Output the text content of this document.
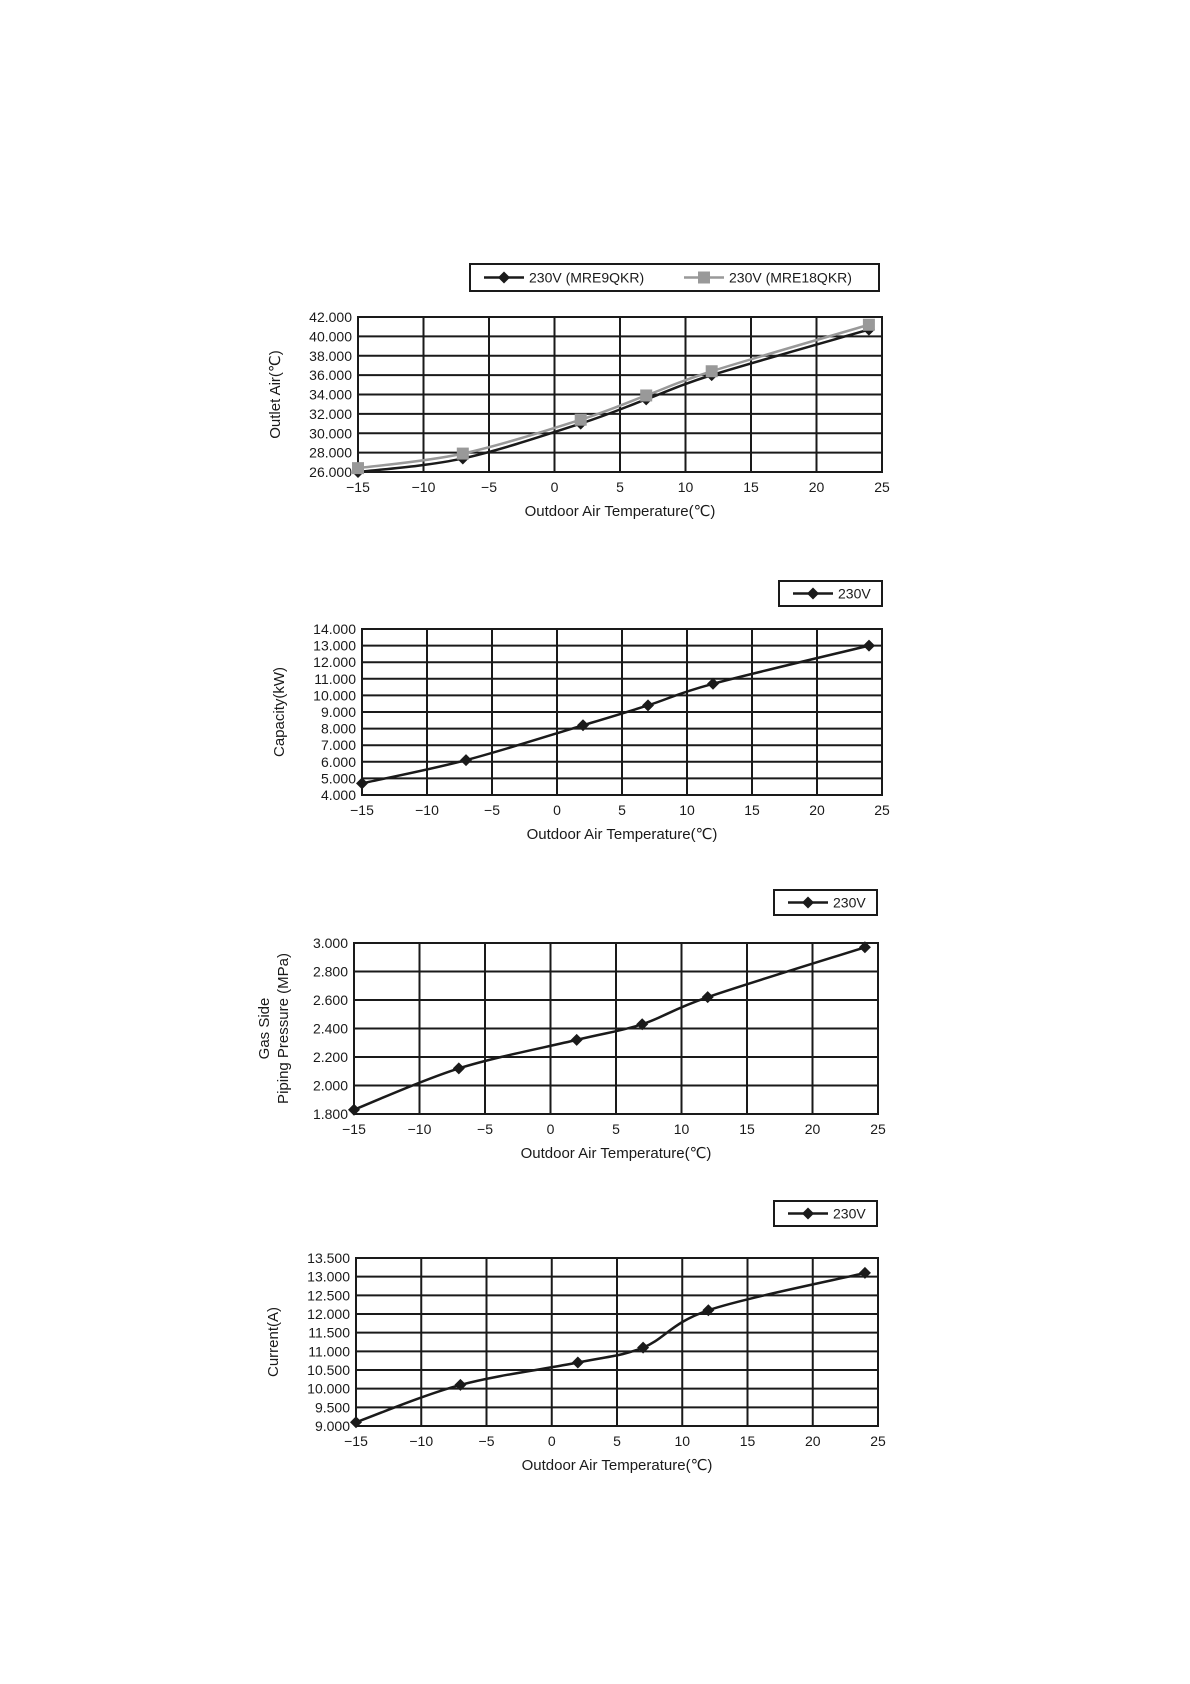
−15	−10	−5	0	5	10	15	20	25
26.000
28.000
30.000
32.000
34.000
36.000
38.000
40.000
42.000
Outdoor Air Temperature(℃)
Outlet Air(℃)
230V (MRE9QKR)	230V (MRE18QKR)
−15	−10	−5	0	5	10	15	20	25
4.000
5.000
6.000
7.000
8.000
9.000
10.000
11.000
12.000
13.000
14.000
Outdoor Air Temperature(℃)
Capacity(kW)
230V
−15	−10	−5	0	5	10	15	20	25
1.800
2.000
2.200
2.400
2.600
2.800
3.000
Outdoor Air Temperature(℃)
Gas Side Piping Pressure (MPa)
230V
−15	−10	−5	0	5	10	15	20	25
9.000
9.500
10.000
10.500
11.000
11.500
12.000
12.500
13.000
13.500
Outdoor Air Temperature(℃)
Current(A)
230V
